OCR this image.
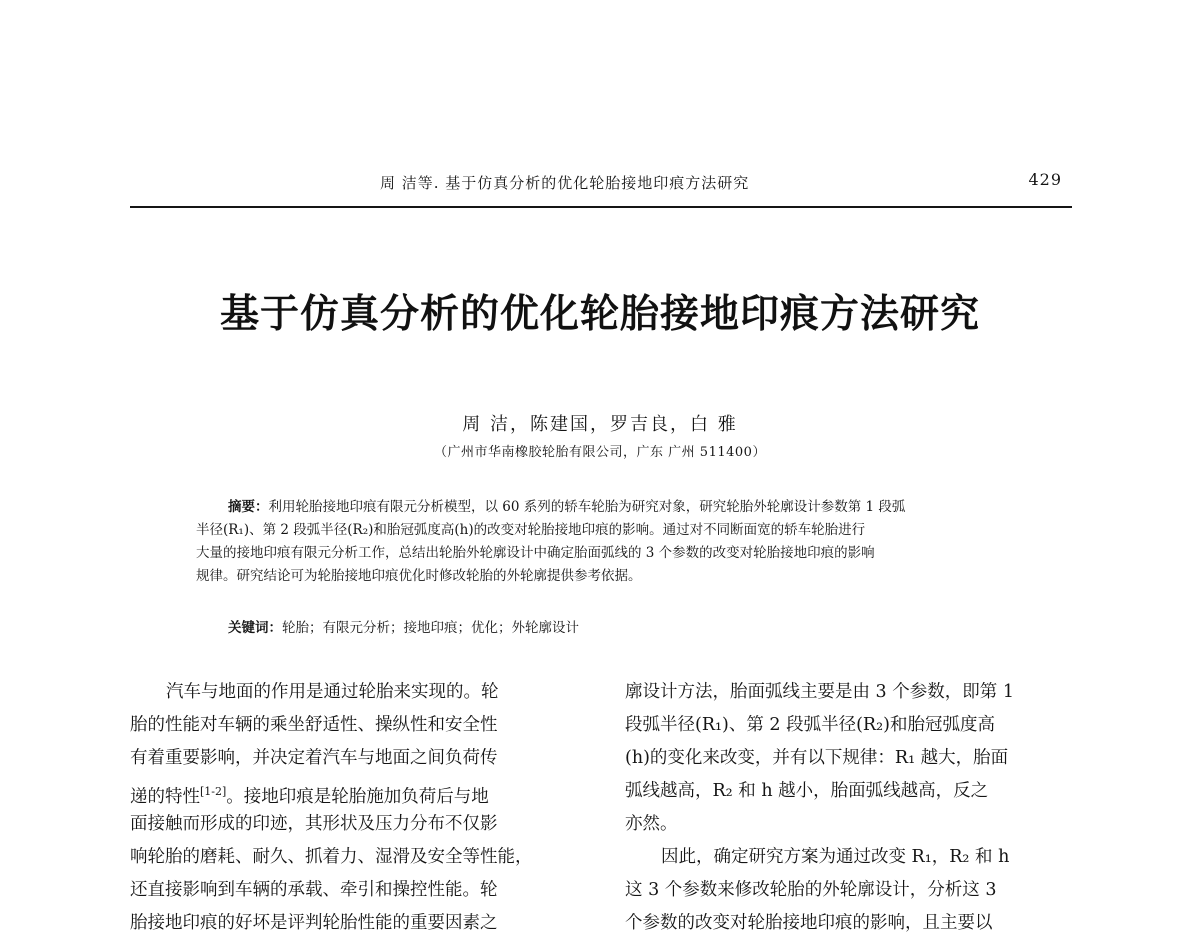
周 洁等. 基于仿真分析的优化轮胎接地印痕方法研究	429
基于仿真分析的优化轮胎接地印痕方法研究
周 洁，陈建国，罗吉良，白 雅
（广州市华南橡胶轮胎有限公司，广东 广州 511400）
摘要：利用轮胎接地印痕有限元分析模型，以 60 系列的轿车轮胎为研究对象，研究轮胎外轮廓设计参数第 1 段弧
半径(R₁)、第 2 段弧半径(R₂)和胎冠弧度高(h)的改变对轮胎接地印痕的影响。通过对不同断面宽的轿车轮胎进行
大量的接地印痕有限元分析工作，总结出轮胎外轮廓设计中确定胎面弧线的 3 个参数的改变对轮胎接地印痕的影响
规律。研究结论可为轮胎接地印痕优化时修改轮胎的外轮廓提供参考依据。
关键词：轮胎；有限元分析；接地印痕；优化；外轮廓设计
汽车与地面的作用是通过轮胎来实现的。轮
胎的性能对车辆的乘坐舒适性、操纵性和安全性
有着重要影响，并决定着汽车与地面之间负荷传
递的特性[1-2]。接地印痕是轮胎施加负荷后与地
面接触而形成的印迹，其形状及压力分布不仅影
响轮胎的磨耗、耐久、抓着力、湿滑及安全等性能，
还直接影响到车辆的承载、牵引和操控性能。轮
胎接地印痕的好坏是评判轮胎性能的重要因素之
廓设计方法，胎面弧线主要是由 3 个参数，即第 1
段弧半径(R₁)、第 2 段弧半径(R₂)和胎冠弧度高
(h)的变化来改变，并有以下规律：R₁ 越大，胎面
弧线越高，R₂ 和 h 越小，胎面弧线越高，反之
亦然。
因此，确定研究方案为通过改变 R₁，R₂ 和 h
这 3 个参数来修改轮胎的外轮廓设计，分析这 3
个参数的改变对轮胎接地印痕的影响，且主要以
